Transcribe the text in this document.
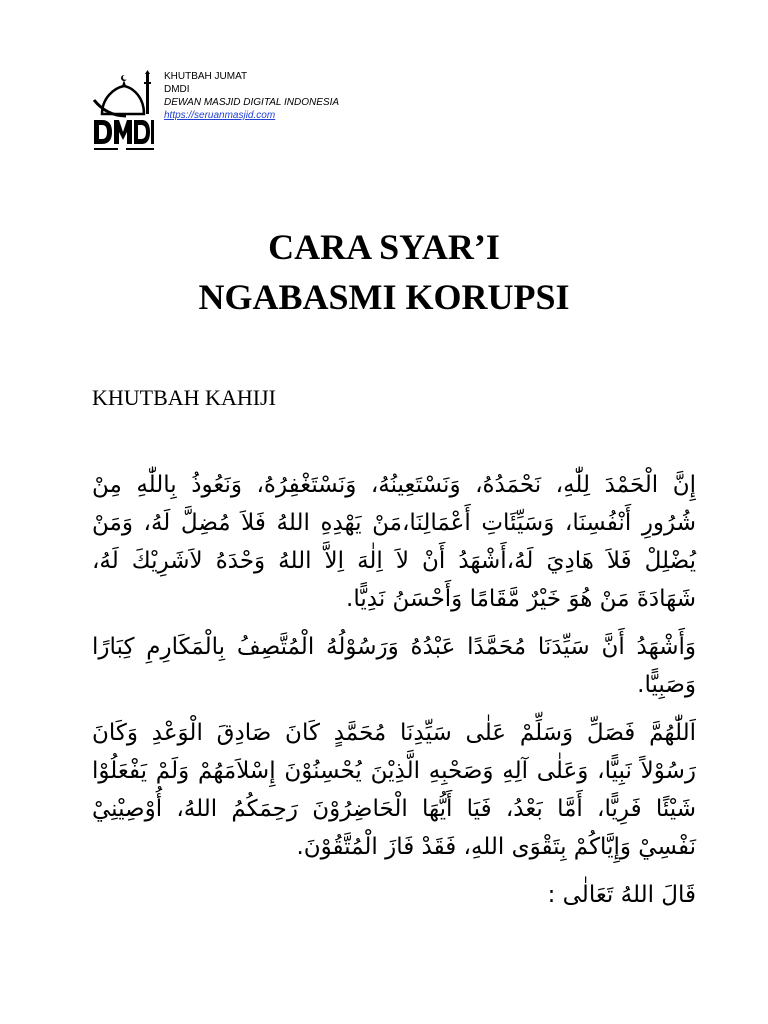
KHUTBAH JUMAT
DMDI
DEWAN MASJID DIGITAL INDONESIA
https://seruanmasjid.com
CARA SYAR’I
NGABASMI KORUPSI
KHUTBAH KAHIJI

إِنَّ الْحَمْدَ لِلّٰهِ، نَحْمَدُهُ، وَنَسْتَعِينُهُ، وَنَسْتَغْفِرُهُ، وَنَعُوذُ بِاللّٰهِ مِنْ شُرُورِ أَنْفُسِنَا، وَسَيِّئَاتِ أَعْمَالِنَا،مَنْ يَهْدِهِ اللهُ فَلاَ مُضِلَّ لَهُ، وَمَنْ يُضْلِلْ فَلاَ هَادِيَ لَهُ،أَشْهَدُ أَنْ لاَ اِلٰهَ اِلاَّ اللهُ وَحْدَهُ لاَشَرِيْكَ لَهُ، شَهَادَةَ مَنْ هُوَ خَيْرٌ مَّقَامًا وَأَحْسَنُ نَدِيًّا.

وَأَشْهَدُ أَنَّ سَيِّدَنَا مُحَمَّدًا عَبْدُهُ وَرَسُوْلُهُ الْمُتَّصِفُ بِالْمَكَارِمِ كِبَارًا وَصَبِيًّا.

اَللّٰهُمَّ فَصَلِّ وَسَلِّمْ عَلٰى سَيِّدِنَا مُحَمَّدٍ كَانَ صَادِقَ الْوَعْدِ وَكَانَ رَسُوْلاً نَبِيًّا، وَعَلٰى آلِهِ وَصَحْبِهِ الَّذِيْنَ يُحْسِنُوْنَ إِسْلاَمَهُمْ وَلَمْ يَفْعَلُوْا شَيْئًا فَرِيًّا، أَمَّا بَعْدُ، فَيَا أَيُّهَا الْحَاضِرُوْنَ رَحِمَكُمُ اللهُ، أُوْصِيْنِيْ نَفْسِيْ وَإِيَّاكُمْ بِتَقْوَى اللهِ، فَقَدْ فَازَ الْمُتَّقُوْنَ.

قَالَ اللهُ تَعَالٰى :
